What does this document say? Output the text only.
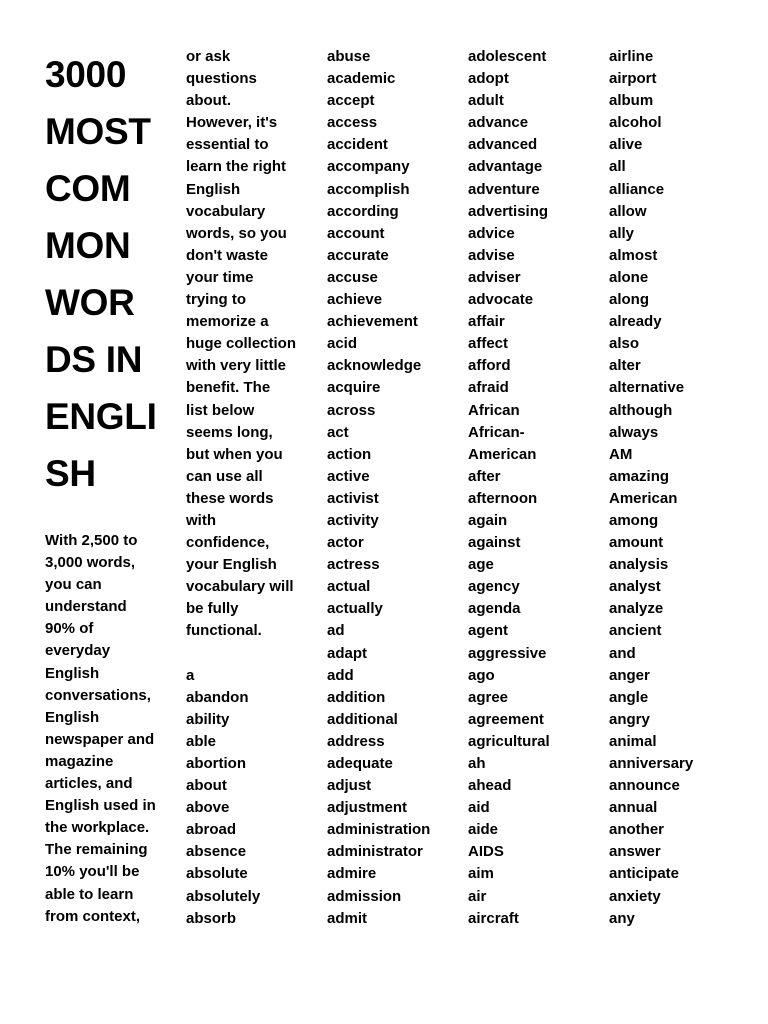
3000
MOST
COM
MON
WOR
DS IN
ENGLI
SH
With 2,500 to
3,000 words,
you can
understand
90% of
everyday
English
conversations,
English
newspaper and
magazine
articles, and
English used in
the workplace.
The remaining
10% you'll be
able to learn
from context,
or ask
questions
about.
However, it's
essential to
learn the right
English
vocabulary
words, so you
don't waste
your time
trying to
memorize a
huge collection
with very little
benefit. The
list below
seems long,
but when you
can use all
these words
with
confidence,
your English
vocabulary will
be fully
functional.
a
abandon
ability
able
abortion
about
above
abroad
absence
absolute
absolutely
absorb
abuse
academic
accept
access
accident
accompany
accomplish
according
account
accurate
accuse
achieve
achievement
acid
acknowledge
acquire
across
act
action
active
activist
activity
actor
actress
actual
actually
ad
adapt
add
addition
additional
address
adequate
adjust
adjustment
administration
administrator
admire
admission
admit
adolescent
adopt
adult
advance
advanced
advantage
adventure
advertising
advice
advise
adviser
advocate
affair
affect
afford
afraid
African
African-
American
after
afternoon
again
against
age
agency
agenda
agent
aggressive
ago
agree
agreement
agricultural
ah
ahead
aid
aide
AIDS
aim
air
aircraft
airline
airport
album
alcohol
alive
all
alliance
allow
ally
almost
alone
along
already
also
alter
alternative
although
always
AM
amazing
American
among
amount
analysis
analyst
analyze
ancient
and
anger
angle
angry
animal
anniversary
announce
annual
another
answer
anticipate
anxiety
any
